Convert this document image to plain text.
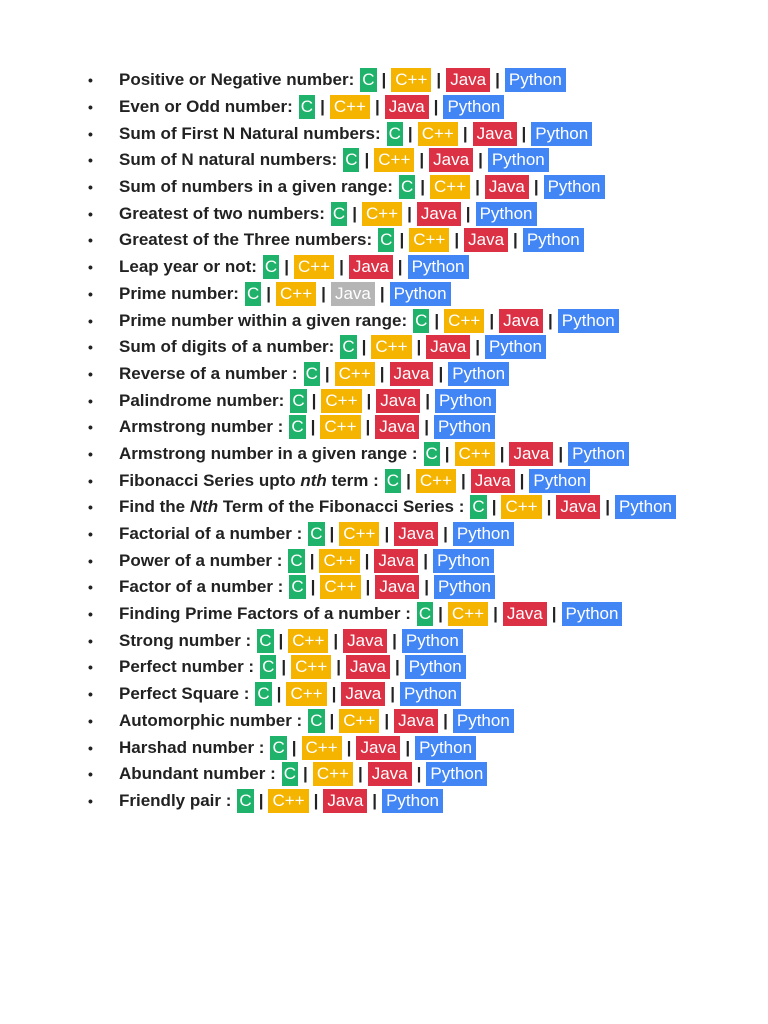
•	Positive or Negative number: C | C++ | Java | Python
•	Even or Odd number: C | C++ | Java | Python
•	Sum of First N Natural numbers: C | C++ | Java | Python
•	Sum of N natural numbers: C | C++ | Java | Python
•	Sum of numbers in a given range: C | C++ | Java | Python
•	Greatest of two numbers: C | C++ | Java | Python
•	Greatest of the Three numbers: C | C++ | Java | Python
•	Leap year or not: C | C++ | Java | Python
•	Prime number: C | C++ | Java | Python
•	Prime number within a given range: C | C++ | Java | Python
•	Sum of digits of a number: C | C++ | Java | Python
•	Reverse of a number : C | C++ | Java | Python
•	Palindrome number: C | C++ | Java | Python
•	Armstrong number : C | C++ | Java | Python
•	Armstrong number in a given range : C | C++ | Java | Python
•	Fibonacci Series upto nth term : C | C++ | Java | Python
•	Find the Nth Term of the Fibonacci Series : C | C++ | Java | Python
•	Factorial of a number : C | C++ | Java | Python
•	Power of a number : C | C++ | Java | Python
•	Factor of a number : C | C++ | Java | Python
•	Finding Prime Factors of a number : C | C++ | Java | Python
•	Strong number : C | C++ | Java | Python
•	Perfect number : C | C++ | Java | Python
•	Perfect Square : C | C++ | Java | Python
•	Automorphic number : C | C++ | Java | Python
•	Harshad number : C | C++ | Java | Python
•	Abundant number : C | C++ | Java | Python
•	Friendly pair : C | C++ | Java | Python
